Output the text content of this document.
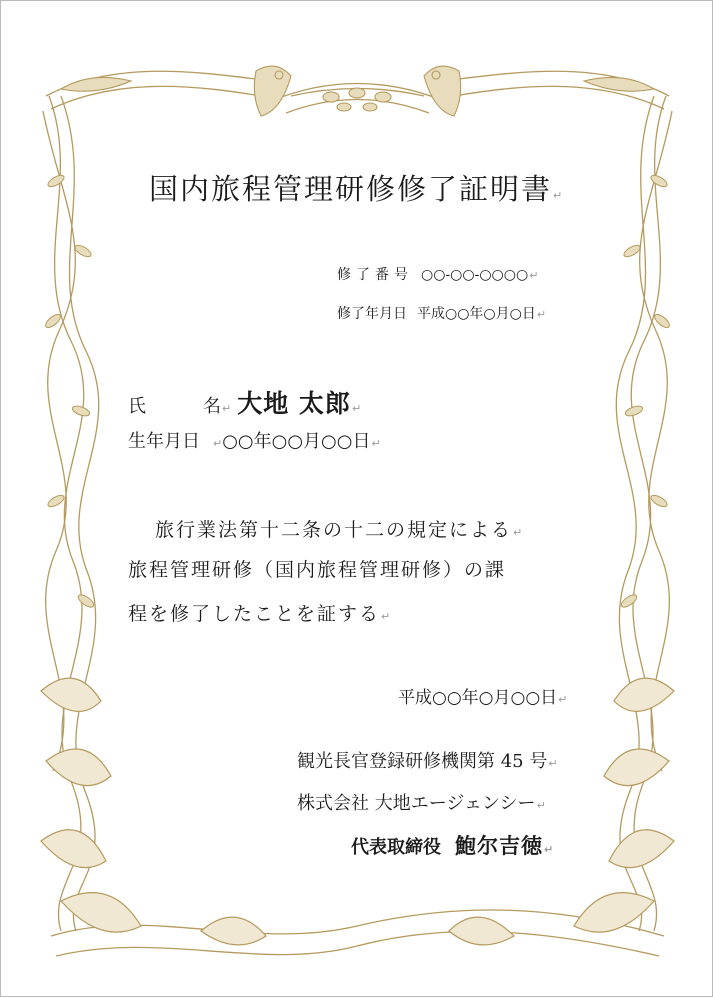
国内旅程管理研修修了証明書↵
修了番号 ○○-○○-○○○○↵
修了年月日 平成○○年○月○日↵
氏	名↵ 大地 太郎↵
生年月日 ↵○○年○○月○○日↵
旅行業法第十二条の十二の規定による↵
旅程管理研修（国内旅程管理研修）の課
程を修了したことを証する↵
平成○○年○月○○日↵
観光長官登録研修機関第 45 号↵
株式会社 大地エージェンシー↵
代表取締役 鮑尔吉徳↵
